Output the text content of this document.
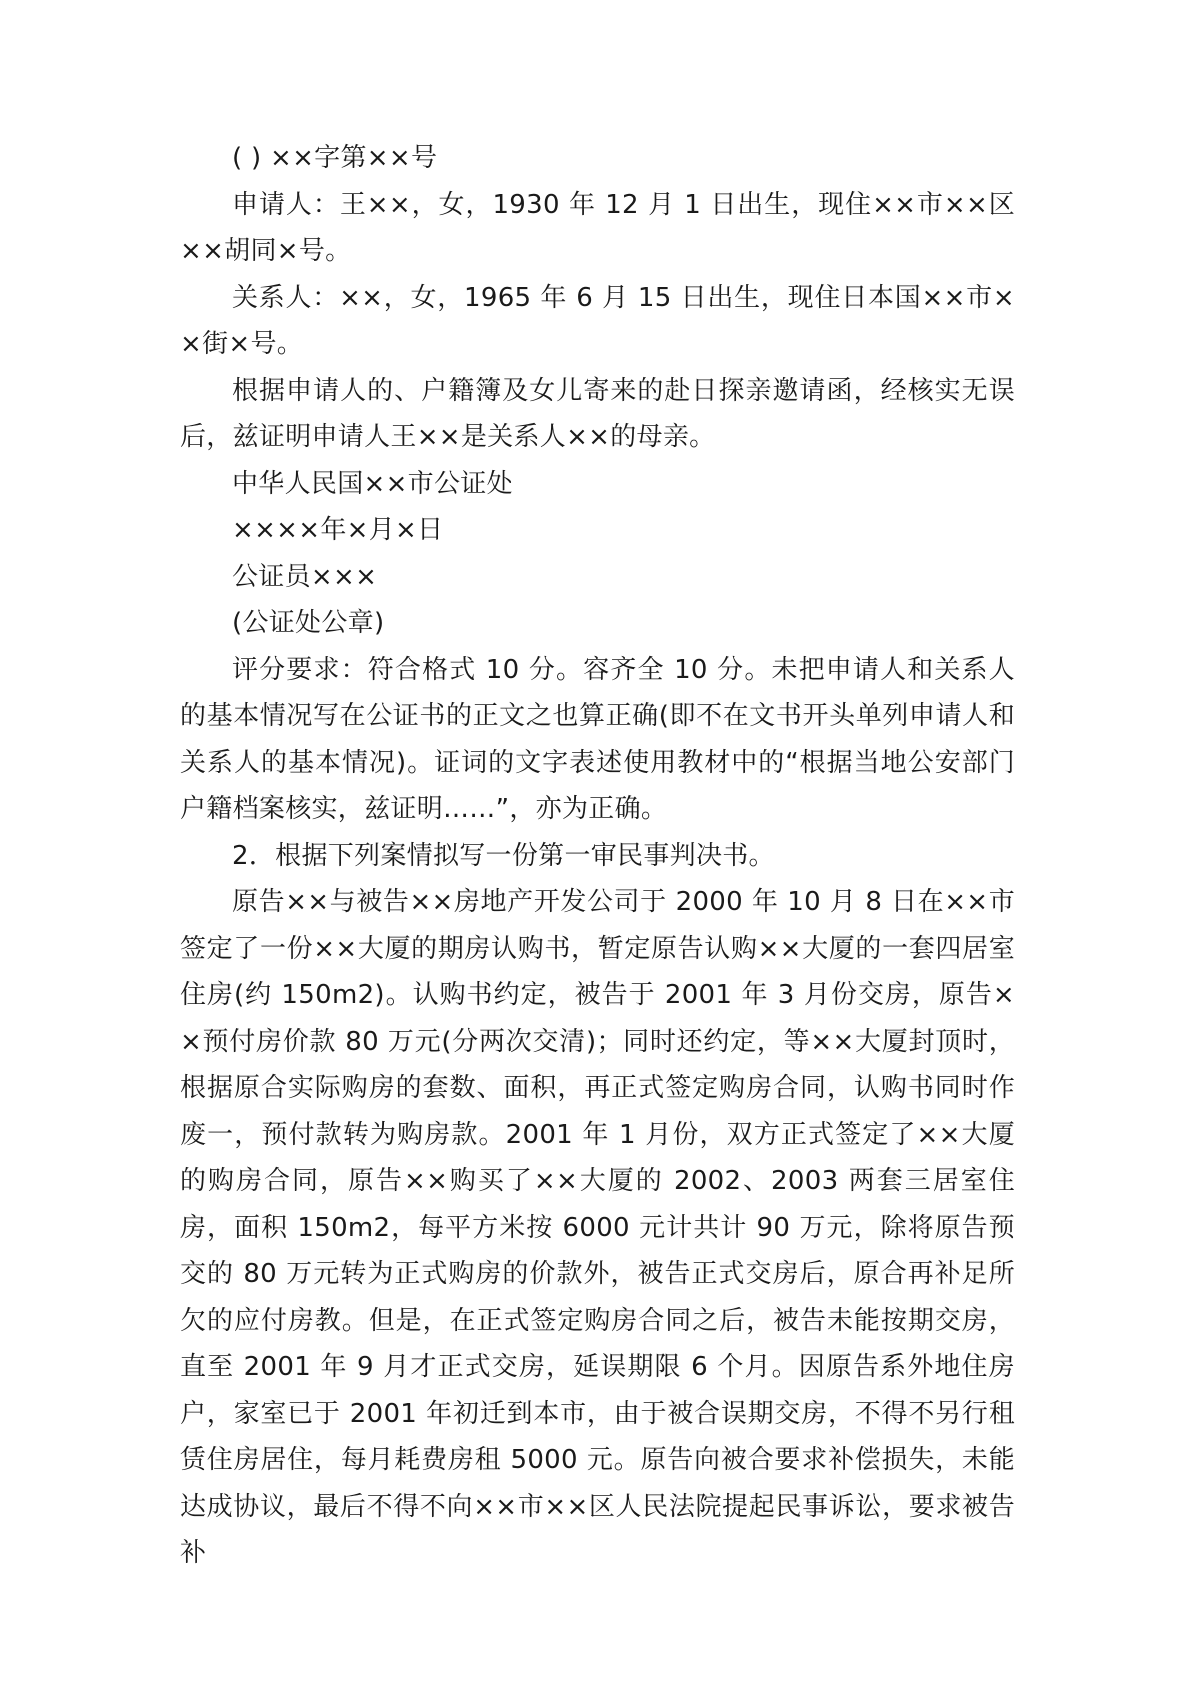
( ) ××字第××号

申请人：王××，女，1930 年 12 月 1 日出生，现住××市××区××胡同×号。

关系人：××，女，1965 年 6 月 15 日出生，现住日本国××市××街×号。

根据申请人的、户籍簿及女儿寄来的赴日探亲邀请函，经核实无误后，兹证明申请人王××是关系人××的母亲。

中华人民国××市公证处

××××年×月×日

公证员×××

(公证处公章)

评分要求：符合格式 10 分。容齐全 10 分。未把申请人和关系人的基本情况写在公证书的正文之也算正确(即不在文书开头单列申请人和关系人的基本情况)。证词的文字表述使用教材中的“根据当地公安部门户籍档案核实，兹证明……”，亦为正确。

2．根据下列案情拟写一份第一审民事判决书。

原告××与被告××房地产开发公司于 2000 年 10 月 8 日在××市签定了一份××大厦的期房认购书，暂定原告认购××大厦的一套四居室住房(约 150m2)。认购书约定，被告于 2001 年 3 月份交房，原告××预付房价款 80 万元(分两次交清)；同时还约定，等××大厦封顶时，根据原合实际购房的套数、面积，再正式签定购房合同，认购书同时作废一，预付款转为购房款。2001 年 1 月份，双方正式签定了××大厦的购房合同，原告××购买了××大厦的 2002、2003 两套三居室住房，面积 150m2，每平方米按 6000 元计共计 90 万元，除将原告预交的 80 万元转为正式购房的价款外，被告正式交房后，原合再补足所欠的应付房教。但是，在正式签定购房合同之后，被告未能按期交房，直至 2001 年 9 月才正式交房，延误期限 6 个月。因原告系外地住房户，家室已于 2001 年初迁到本市，由于被合误期交房，不得不另行租赁住房居住，每月耗费房租 5000 元。原告向被合要求补偿损失，未能达成协议，最后不得不向××市××区人民法院提起民事诉讼，要求被告补
